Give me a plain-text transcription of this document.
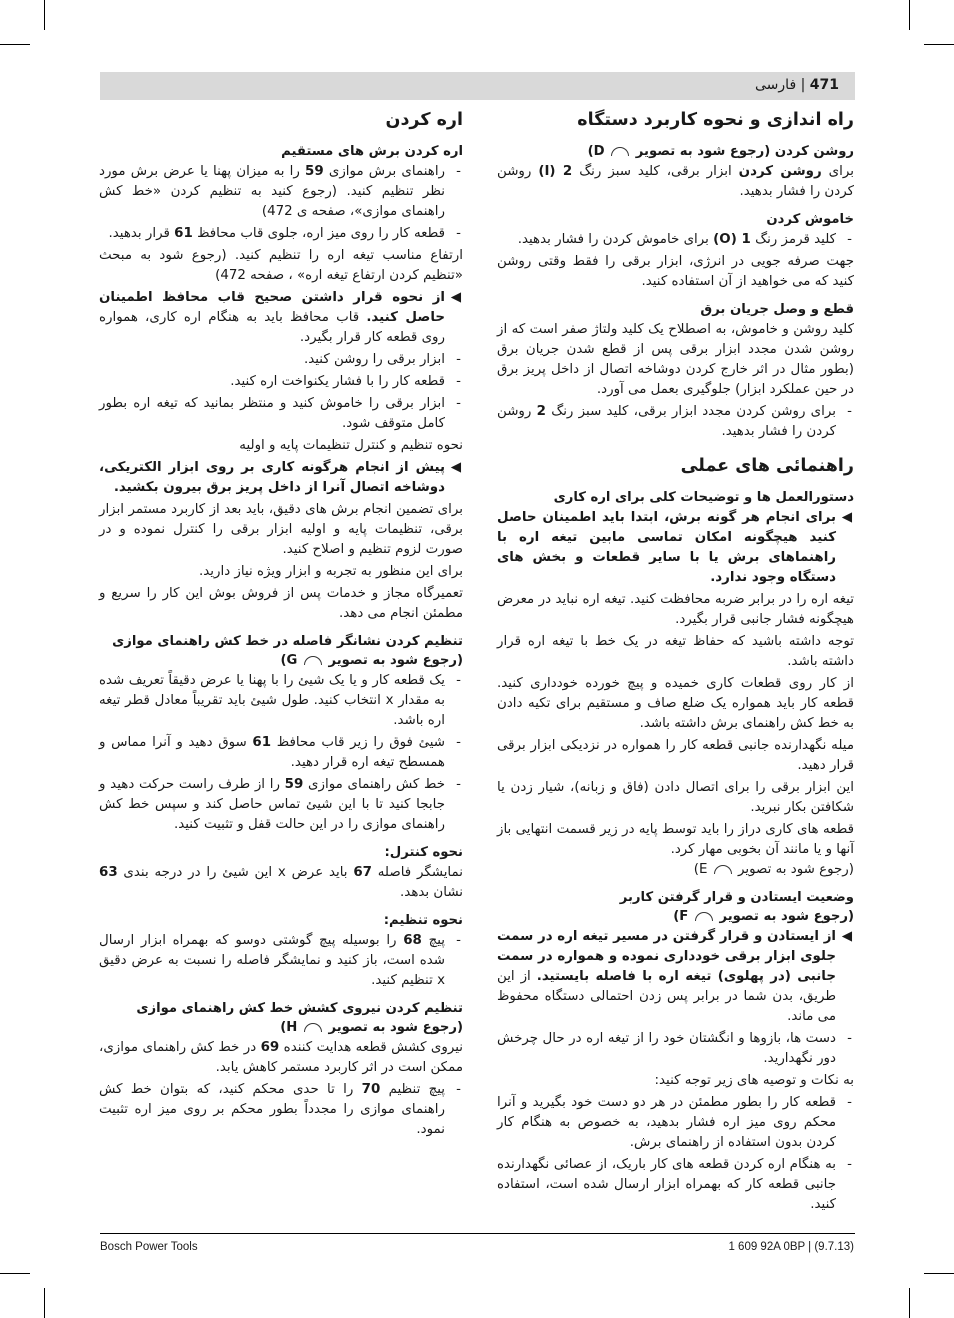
471 | فارسی
راه اندازی و نحوه کاربرد دستگاه
روشن کردن (رجوع شود به تصویر  D)

برای روشن کردن ابزار برقی، کلید سبز رنگ 2 (I) روشن کردن را فشار بدهید.

خاموش کردن
-
کلید قرمز رنگ 1 (O) برای خاموش کردن را فشار بدهید.

جهت صرفه جویی در انرژی، ابزار برقی را فقط وقتی روشن کنید که می خواهید از آن استفاده کنید.

قطع و وصل جریان برق

کلید روشن و خاموش، به اصطلاح یک کلید ولتاژ صفر است که از روشن شدن مجدد ابزار برقی پس از قطع شدن جریان برق (بطور مثال در اثر خارج کردن دوشاخه اتصال از داخل پریز برق در حین عملکرد ابزار) جلوگیری بعمل می آورد.

-
برای روشن کردن مجدد ابزار برقی، کلید سبز رنگ 2 روشن کردن را فشار بدهید.
راهنمائی های عملی
دستورالعمل ها و توضیحات کلی برای اره کاری
◀
برای انجام هر گونه برش، ابتدا باید اطمینان حاصل کنید هیچگونه امکان تماسی مابین تیغه اره با راهنماهای برش یا با سایر قطعات و بخش های دستگاه وجود ندارد.

تیغه اره را در برابر ضربه محافظت کنید. تیغه اره نباید در معرض هیچگونه فشار جانبی قرار بگیرد.

توجه داشته باشید که حفاظ تیغه در یک خط با تیغه اره قرار داشته باشد.

از کار روی قطعات کاری خمیده و پیچ خورده خودداری کنید. قطعه کار باید همواره یک ضلع صاف و مستقیم برای تکیه دادن به خط کش راهنمای برش داشته باشد.

میله نگهدارنده جانبی قطعه کار را همواره در نزدیکی ابزار برقی قرار دهید.

این ابزار برقی را برای اتصال دادن (فاق و زبانه)، شیار زدن یا شکافتن بکار نبرید.

قطعه های کاری دراز را باید توسط پایه در زیر قسمت انتهایی باز آنها و یا مانند آن بخوبی مهار کرد.
(رجوع شود به تصویر  E)

وضعیت ایستادن و قرار گرفتن کاربر
(رجوع شود به تصویر  F)
◀
از ایستادن و قرار گرفتن در مسیر تیغه اره در سمت جلوی ابزار برقی خودداری نموده و همواره در سمت جانبی (در پهلوی) تیغه اره با فاصله بایستید. از این طریق، بدن شما در برابر پس زدن احتمالی دستگاه محفوظ می ماند.
-
دست ها، بازوها و انگشتان خود را از تیغه اره در حال چرخش دور نگهدارید.

به نکات و توصیه های زیر توجه کنید:

-
قطعه کار را بطور مطمئن در هر دو دست خود بگیرید و آنرا محکم روی میز اره فشار بدهید، به خصوص به هنگام کار کردن بدون استفاده از راهنمای برش.
-
به هنگام اره کردن قطعه های کار باریک، از عصائی نگهدارنده جانبی قطعه کار که بهمراه ابزار ارسال شده است، استفاده کنید.
اره کردن
اره کردن برش های مستقیم
-
راهنمای برش موازی 59 را به میزان پهنا یا عرض برش مورد نظر تنظیم کنید. (رجوع کنید به تنظیم کردن «خط کش راهنمای موازی»، صفحه ی 472)
-
قطعه کار را روی میز اره، جلوی قاب محافظ 61 قرار بدهید.

ارتفاع مناسب تیغه اره را تنظیم کنید. (رجوع شود به مبحث «تنظیم کردن ارتفاع تیغه اره» ، صفحه 472)

◀
از نحوه قرار داشتن صحیح قاب محافظ اطمینان حاصل کنید. قاب محافظ باید به هنگام اره کاری، همواره روی قطعه کار قرار بگیرد.
-
ابزار برقی را روشن کنید.
-
قطعه کار را با فشار یکنواخت اره کنید.
-
ابزار برقی را خاموش کنید و منتظر بمانید که تیغه اره بطور کامل متوقف شود.

نحوه تنظیم و کنترل تنظیمات پایه و اولیه

◀
پیش از انجام هرگونه کاری بر روی ابزار الکتریکی، دوشاخه اتصال آنرا از داخل پریز برق بیرون بکشید.

برای تضمین انجام برش های دقیق، باید بعد از کاربرد مستمر ابزار برقی، تنظیمات پایه و اولیه ابزار برقی را کنترل نموده و در صورت لزوم تنظیم و اصلاح کنید.

برای این منظور به تجربه و ابزار ویژه نیاز دارید.

تعمیرگاه مجاز و خدمات پس از فروش بوش این کار را سریع و مطمئن انجام می دهد.

تنظیم کردن نشانگر فاصله در خط کش راهنمای موازی
(رجوع شود به تصویر  G)
-
یک قطعه کار و یا یک شیئ را با پهنا یا عرض دقیقاً تعریف شده به مقدار x انتخاب کنید. طول شیئ باید تقریباً معادل قطر تیغه اره باشد.
-
شیئ فوق را زیر قاب محافظ 61 سوق دهید و آنرا مماس و همسطح تیغه اره قرار دهید.
-
خط کش راهنمای موازی 59 را از طرف راست حرکت دهید و جابجا کنید تا با این شیئ تماس حاصل کند و سپس خط کش راهنمای موازی را در این حالت قفل و تثبیت کنید.
نحوه کنترل:

نمایشگر فاصله 67 باید عرض x این شیئ را در درجه بندی 63 نشان بدهد.

نحوه تنظیم:
-
پیچ 68 را بوسیله پیچ گوشتی دوسو که بهمراه ابزار ارسال شده است، باز کنید و نمایشگر فاصله را نسبت به عرض دقیق x تنظیم کنید.
تنظیم کردن نیروی کشش خط کش راهنمای موازی
(رجوع شود به تصویر  H)

نیروی کشش قطعه هدایت کننده 69 در خط کش راهنمای موازی، ممکن است در اثر کاربرد مستمر کاهش یابد.

-
پیچ تنظیم 70 را تا حدی محکم کنید، که بتوان خط کش راهنمای موازی را مجدداً بطور محکم بر روی میز اره تثبیت نمود.
Bosch Power Tools	1 609 92A 0BP | (9.7.13)
